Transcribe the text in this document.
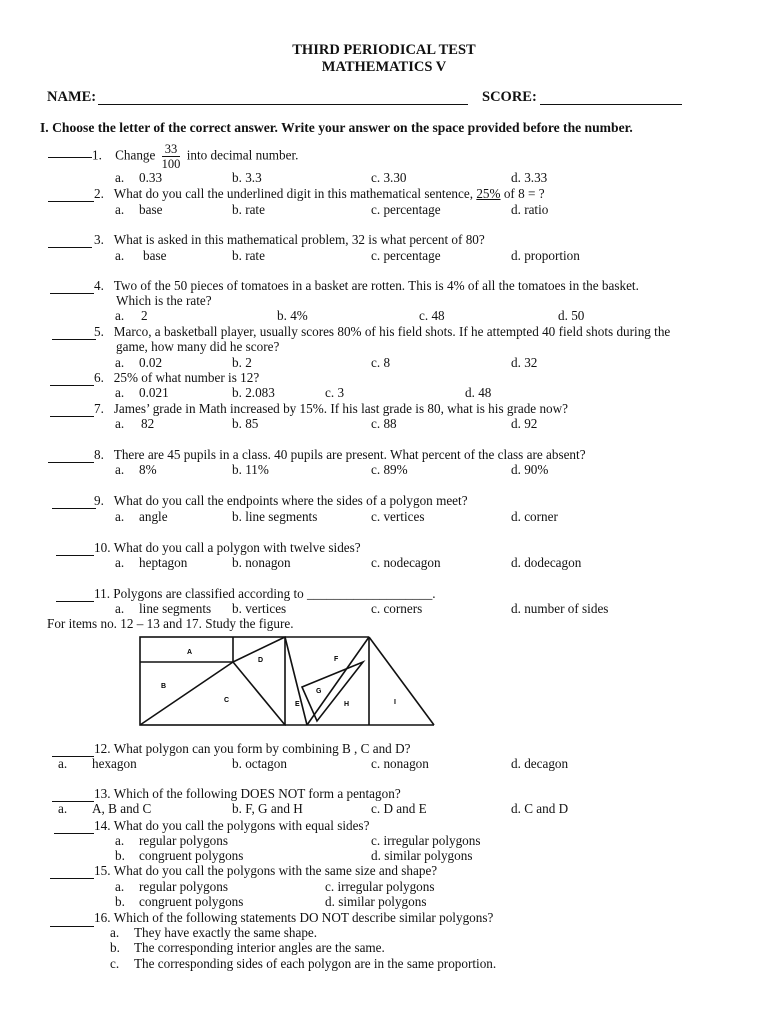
THIRD PERIODICAL TEST
MATHEMATICS V
NAME:	SCORE:
I. Choose the letter of the correct answer. Write your answer on the space provided before the number.
1. Change $\frac{33}{100}$ into decimal number.
a. 0.33	b. 3.3	c. 3.30	d. 3.33
2. What do you call the underlined digit in this mathematical sentence, 25% of 8 = ?
a. base	b. rate	c. percentage	d. ratio
3. What is asked in this mathematical problem, 32 is what percent of 80?
a. base	b. rate	c. percentage	d. proportion
4. Two of the 50 pieces of tomatoes in a basket are rotten. This is 4% of all the tomatoes in the basket.
Which is the rate?
a. 2	b. 4%	c. 48	d. 50
5. Marco, a basketball player, usually scores 80% of his field shots. If he attempted 40 field shots during the
game, how many did he score?
a. 0.02	b. 2	c. 8	d. 32
6. 25% of what number is 12?
a. 0.021	b. 2.083	c. 3	d. 48
7. James’ grade in Math increased by 15%. If his last grade is 80, what is his grade now?
a. 82	b. 85	c. 88	d. 92
8. There are 45 pupils in a class. 40 pupils are present. What percent of the class are absent?
a. 8%	b. 11%	c. 89%	d. 90%
9. What do you call the endpoints where the sides of a polygon meet?
a. angle	b. line segments	c. vertices	d. corner
10. What do you call a polygon with twelve sides?
a. heptagon	b. nonagon	c. nodecagon	d. dodecagon
11. Polygons are classified according to ___________________.
a. line segments b. vertices	c. corners	d. number of sides
For items no. 12 – 13 and 17. Study the figure.
A
B
C
D
E
F
G
H	I
12. What polygon can you form by combining B , C and D?
a. hexagon	b. octagon	c. nonagon	d. decagon
13. Which of the following DOES NOT form a pentagon?
a. A, B and C	b. F, G and H	c. D and E	d. C and D
14. What do you call the polygons with equal sides?
a. regular polygons	c. irregular polygons
b. congruent polygons	d. similar polygons
15. What do you call the polygons with the same size and shape?
a. regular polygons	c. irregular polygons
b. congruent polygons	d. similar polygons
16. Which of the following statements DO NOT describe similar polygons?
a. They have exactly the same shape.
b. The corresponding interior angles are the same.
c. The corresponding sides of each polygon are in the same proportion.
